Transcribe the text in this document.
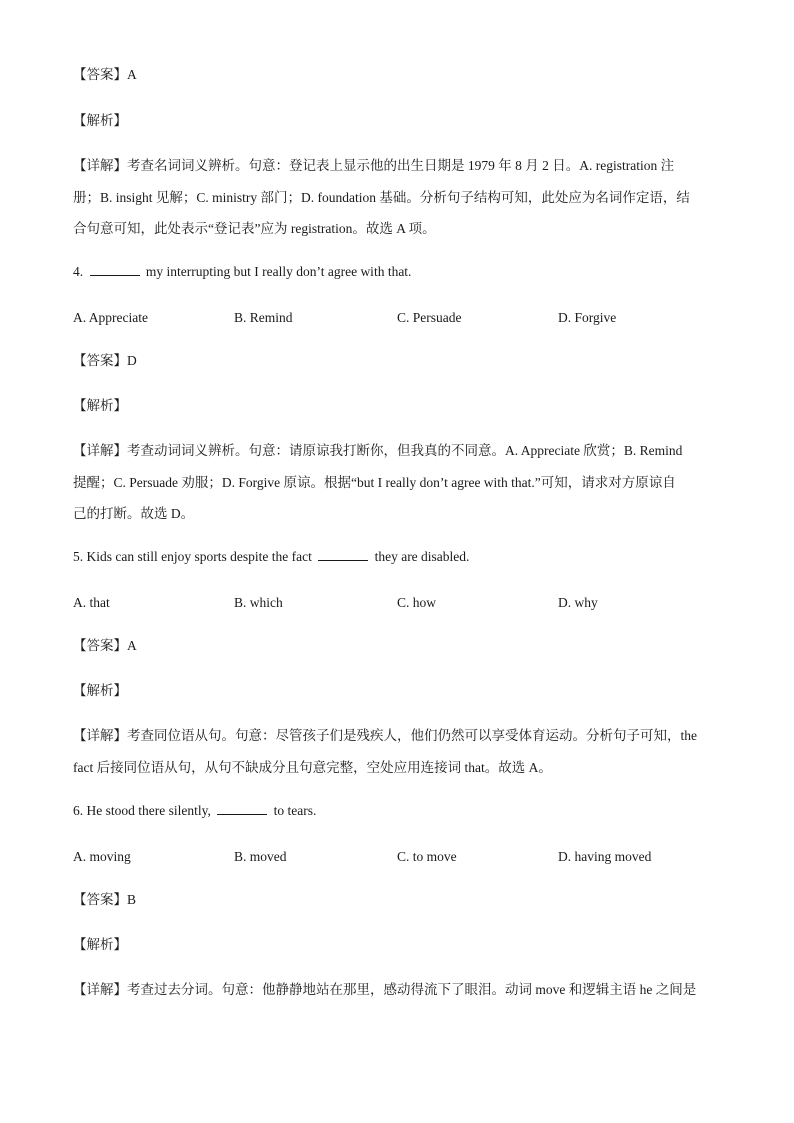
【答案】A
【解析】
【详解】考查名词词义辨析。句意：登记表上显示他的出生日期是 1979 年 8 月 2 日。A. registration 注
册；B. insight 见解；C. ministry 部门；D. foundation 基础。分析句子结构可知，此处应为名词作定语，结
合句意可知，此处表示“登记表”应为 registration。故选 A 项。
4.	my interrupting but I really don’t agree with that.
A. Appreciate	B. Remind	C. Persuade	D. Forgive
【答案】D
【解析】
【详解】考查动词词义辨析。句意：请原谅我打断你，但我真的不同意。A. Appreciate 欣赏；B. Remind
提醒；C. Persuade 劝服；D. Forgive 原谅。根据“but I really don’t agree with that.”可知，请求对方原谅自
己的打断。故选 D。
5. Kids can still enjoy sports despite the fact	they are disabled.
A. that	B. which	C. how	D. why
【答案】A
【解析】
【详解】考查同位语从句。句意：尽管孩子们是残疾人，他们仍然可以享受体育运动。分析句子可知，the
fact 后接同位语从句，从句不缺成分且句意完整，空处应用连接词 that。故选 A。
6. He stood there silently,	to tears.
A. moving	B. moved	C. to move	D. having moved
【答案】B
【解析】
【详解】考查过去分词。句意：他静静地站在那里，感动得流下了眼泪。动词 move 和逻辑主语 he 之间是
